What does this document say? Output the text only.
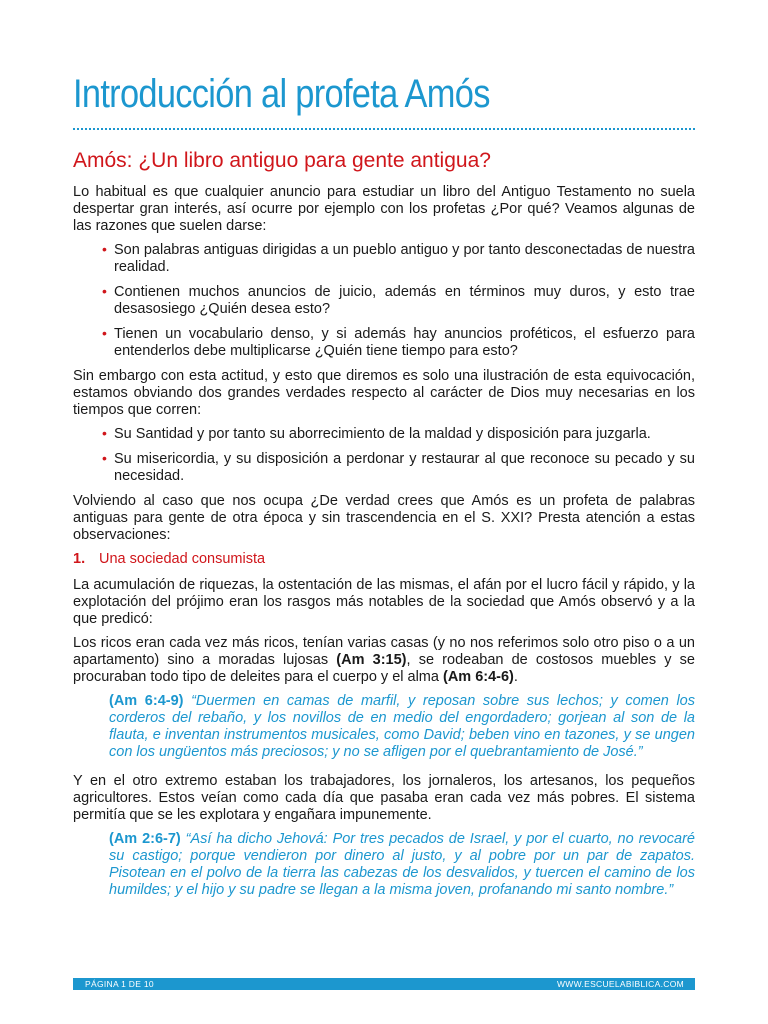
Introducción al profeta Amós
Amós: ¿Un libro antiguo para gente antigua?

Lo habitual es que cualquier anuncio para estudiar un libro del Antiguo Testamento no suela despertar gran interés, así ocurre por ejemplo con los profetas ¿Por qué? Veamos algunas de las razones que suelen darse:

• Son palabras antiguas dirigidas a un pueblo antiguo y por tanto desconectadas de nuestra realidad.
• Contienen muchos anuncios de juicio, además en términos muy duros, y esto trae desasosiego ¿Quién desea esto?
• Tienen un vocabulario denso, y si además hay anuncios proféticos, el esfuerzo para entenderlos debe multiplicarse ¿Quién tiene tiempo para esto?

Sin embargo con esta actitud, y esto que diremos es solo una ilustración de esta equivocación, estamos obviando dos grandes verdades respecto al carácter de Dios muy necesarias en los tiempos que corren:

• Su Santidad y por tanto su aborrecimiento de la maldad y disposición para juzgarla.
• Su misericordia, y su disposición a perdonar y restaurar al que reconoce su pecado y su necesidad.

Volviendo al caso que nos ocupa ¿De verdad crees que Amós es un profeta de palabras antiguas para gente de otra época y sin trascendencia en el S. XXI? Presta atención a estas observaciones:

1. Una sociedad consumista

La acumulación de riquezas, la ostentación de las mismas, el afán por el lucro fácil y rápido, y la explotación del prójimo eran los rasgos más notables de la sociedad que Amós observó y a la que predicó:

Los ricos eran cada vez más ricos, tenían varias casas (y no nos referimos solo otro piso o a un apartamento) sino a moradas lujosas (Am 3:15), se rodeaban de costosos muebles y se procuraban todo tipo de deleites para el cuerpo y el alma (Am 6:4-6).

(Am 6:4-9) “Duermen en camas de marfil, y reposan sobre sus lechos; y comen los corderos del rebaño, y los novillos de en medio del engordadero; gorjean al son de la flauta, e inventan instrumentos musicales, como David; beben vino en tazones, y se ungen con los ungüentos más preciosos; y no se afligen por el quebrantamiento de José.”

Y en el otro extremo estaban los trabajadores, los jornaleros, los artesanos, los pequeños agricultores. Estos veían como cada día que pasaba eran cada vez más pobres. El sistema permitía que se les explotara y engañara impunemente.

(Am 2:6-7) “Así ha dicho Jehová: Por tres pecados de Israel, y por el cuarto, no revocaré su castigo; porque vendieron por dinero al justo, y al pobre por un par de zapatos. Pisotean en el polvo de la tierra las cabezas de los desvalidos, y tuercen el camino de los humildes; y el hijo y su padre se llegan a la misma joven, profanando mi santo nombre.”

PÁGINA 1 DE 10	WWW.ESCUELABIBLICA.COM
